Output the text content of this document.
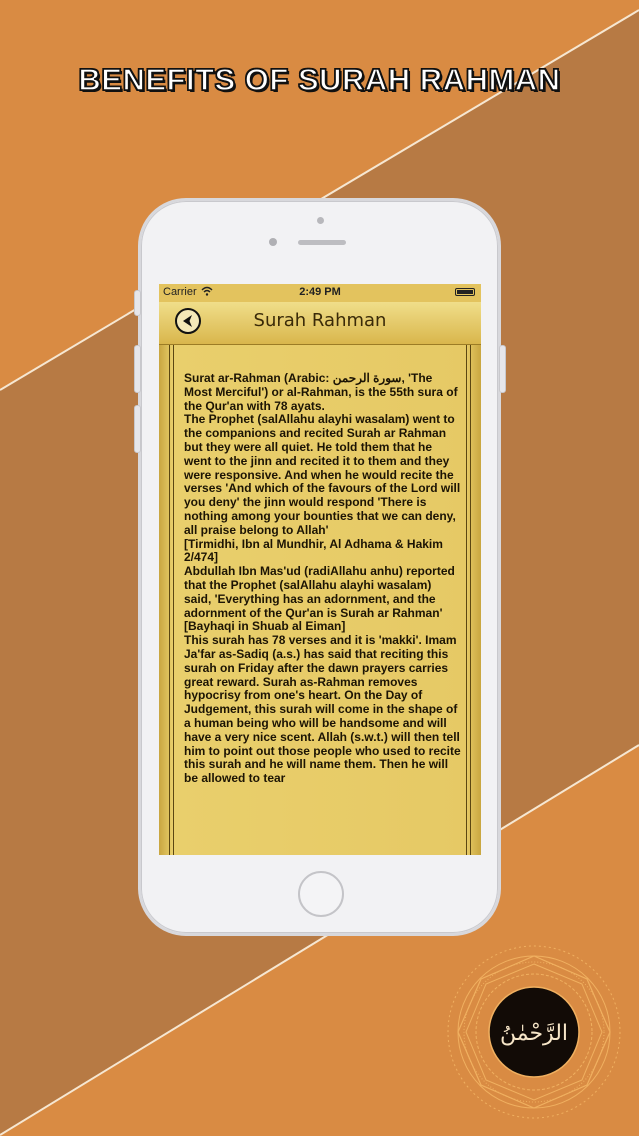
BENEFITS OF SURAH RAHMAN
Carrier	2:49 PM
Surah Rahman
Surat ar-Rahman (Arabic: سورة الرحمن, 'The Most Merciful') or al-Rahman, is the 55th sura of the Qur'an with 78 ayats.
The Prophet (salAllahu alayhi wasalam) went to the companions and recited Surah ar Rahman but they were all quiet. He told them that he went to the jinn and recited it to them and they were responsive. And when he would recite the verses 'And which of the favours of the Lord will you deny' the jinn would respond 'There is nothing among your bounties that we can deny, all praise belong to Allah'
[Tirmidhi, Ibn al Mundhir, Al Adhama & Hakim 2/474]
Abdullah Ibn Mas'ud (radiAllahu anhu) reported that the Prophet (salAllahu alayhi wasalam) said, 'Everything has an adornment, and the adornment of the Qur'an is Surah ar Rahman'
[Bayhaqi in Shuab al Eiman]
This surah has 78 verses and it is 'makki'. Imam Ja'far as-Sadiq (a.s.) has said that reciting this surah on Friday after the dawn prayers carries great reward. Surah as-Rahman removes hypocrisy from one's heart. On the Day of Judgement, this surah will come in the shape of a human being who will be handsome and will have a very nice scent. Allah (s.w.t.) will then tell him to point out those people who used to recite this surah and he will name them. Then he will be allowed to tear
الرَّحْمٰنُ
